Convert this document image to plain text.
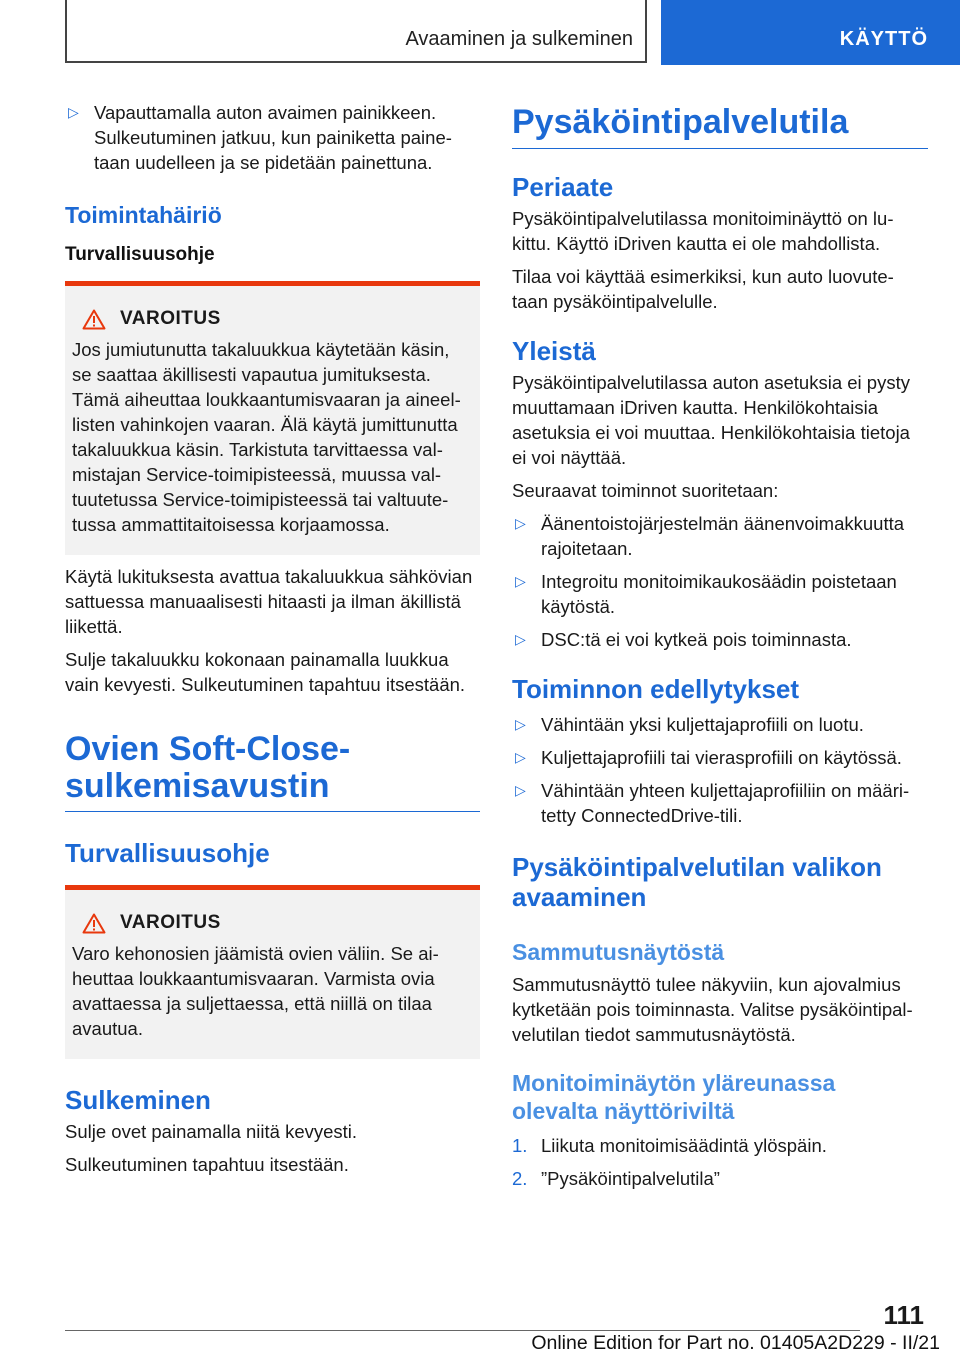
Avaaminen ja sulkeminen	KÄYTTÖ
▷ Vapauttamalla auton avaimen painikkeen. Sulkeutuminen jatkuu, kun painiketta paine-taan uudelleen ja se pidetään painettuna.
Toimintahäiriö
Turvallisuusohje
VAROITUS

Jos jumiutunutta takaluukkua käytetään käsin, se saattaa äkillisesti vapautua jumituksesta. Tämä aiheuttaa loukkaantumisvaaran ja aineel-listen vahinkojen vaaran. Älä käytä jumittunutta takaluukkua käsin. Tarkistuta tarvittaessa val-mistajan Service-toimipisteessä, muussa val-tuutetussa Service-toimipisteessä tai valtuute-tussa ammattitaitoisessa korjaamossa.

Käytä lukituksesta avattua takaluukkua sähkövian sattuessa manuaalisesti hitaasti ja ilman äkillistä liikettä.

Sulje takaluukku kokonaan painamalla luukkua vain kevyesti. Sulkeutuminen tapahtuu itsestään.

Ovien Soft-Close-
sulkemisavustin
Turvallisuusohje
VAROITUS

Varo kehonosien jäämistä ovien väliin. Se ai-heuttaa loukkaantumisvaaran. Varmista ovia avattaessa ja suljettaessa, että niillä on tilaa avautua.

Sulkeminen

Sulje ovet painamalla niitä kevyesti.

Sulkeutuminen tapahtuu itsestään.

Pysäköintipalvelutila
Periaate

Pysäköintipalvelutilassa monitoiminäyttö on lu-kittu. Käyttö iDriven kautta ei ole mahdollista.

Tilaa voi käyttää esimerkiksi, kun auto luovute-taan pysäköintipalvelulle.

Yleistä

Pysäköintipalvelutilassa auton asetuksia ei pysty muuttamaan iDriven kautta. Henkilökohtaisia asetuksia ei voi muuttaa. Henkilökohtaisia tietoja ei voi näyttää.

Seuraavat toiminnot suoritetaan:

▷ Äänentoistojärjestelmän äänenvoimakkuutta rajoitetaan.
▷ Integroitu monitoimikaukosäädin poistetaan käytöstä.
▷ DSC:tä ei voi kytkeä pois toiminnasta.
Toiminnon edellytykset
▷ Vähintään yksi kuljettajaprofiili on luotu.
▷ Kuljettajaprofiili tai vierasprofiili on käytössä.
▷ Vähintään yhteen kuljettajaprofiiliin on määri-tetty ConnectedDrive-tili.
Pysäköintipalvelutilan valikon
avaaminen
Sammutusnäytöstä

Sammutusnäyttö tulee näkyviin, kun ajovalmius kytketään pois toiminnasta. Valitse pysäköintipal-velutilan tiedot sammutusnäytöstä.

Monitoiminäytön yläreunassa
olevalta näyttöriviltä
1. Liikuta monitoimisäädintä ylöspäin.
2. ”Pysäköintipalvelutila”
111
Online Edition for Part no. 01405A2D229 - II/21
